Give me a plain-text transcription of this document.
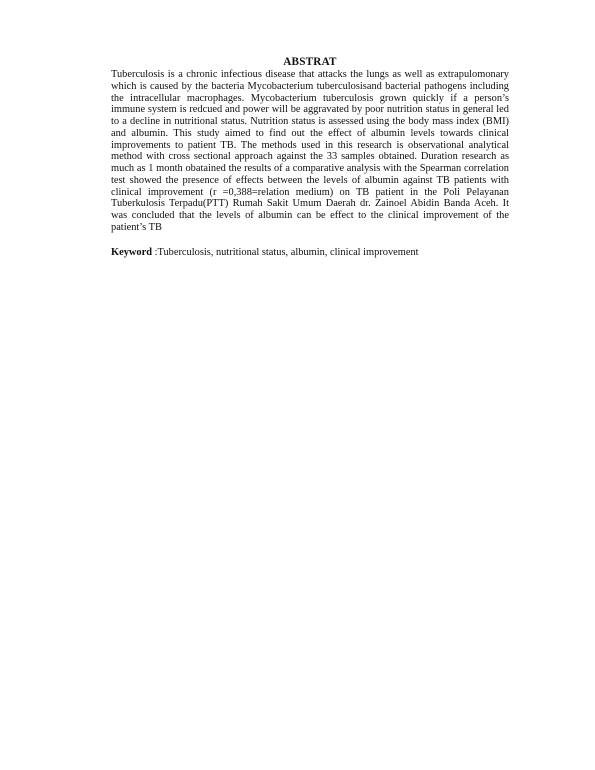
ABSTRAT

Tuberculosis is a chronic infectious disease that attacks the lungs as well as extrapulomonary which is caused by the bacteria Mycobacterium tuberculosisand bacterial pathogens including the intracellular macrophages. Mycobacterium tuberculosis grown quickly if a person’s immune system is redcued and power will be aggravated by poor nutrition status in general led to a decline in nutritional status. Nutrition status is assessed using the body mass index (BMI) and albumin. This study aimed to find out the effect of albumin levels towards clinical improvements to patient TB. The methods used in this research is observational analytical method with cross sectional approach against the 33 samples obtained. Duration research as much as 1 month obatained the results of a comparative analysis with the Spearman correlation test showed the presence of effects between the levels of albumin against TB patients with clinical improvement (r =0,388=relation medium) on TB patient in the Poli Pelayanan Tuberkulosis Terpadu(PTT) Rumah Sakit Umum Daerah dr. Zainoel Abidin Banda Aceh. It was concluded that the levels of albumin can be effect to the clinical improvement of the patient’s TB

Keyword :Tuberculosis, nutritional status, albumin, clinical improvement
